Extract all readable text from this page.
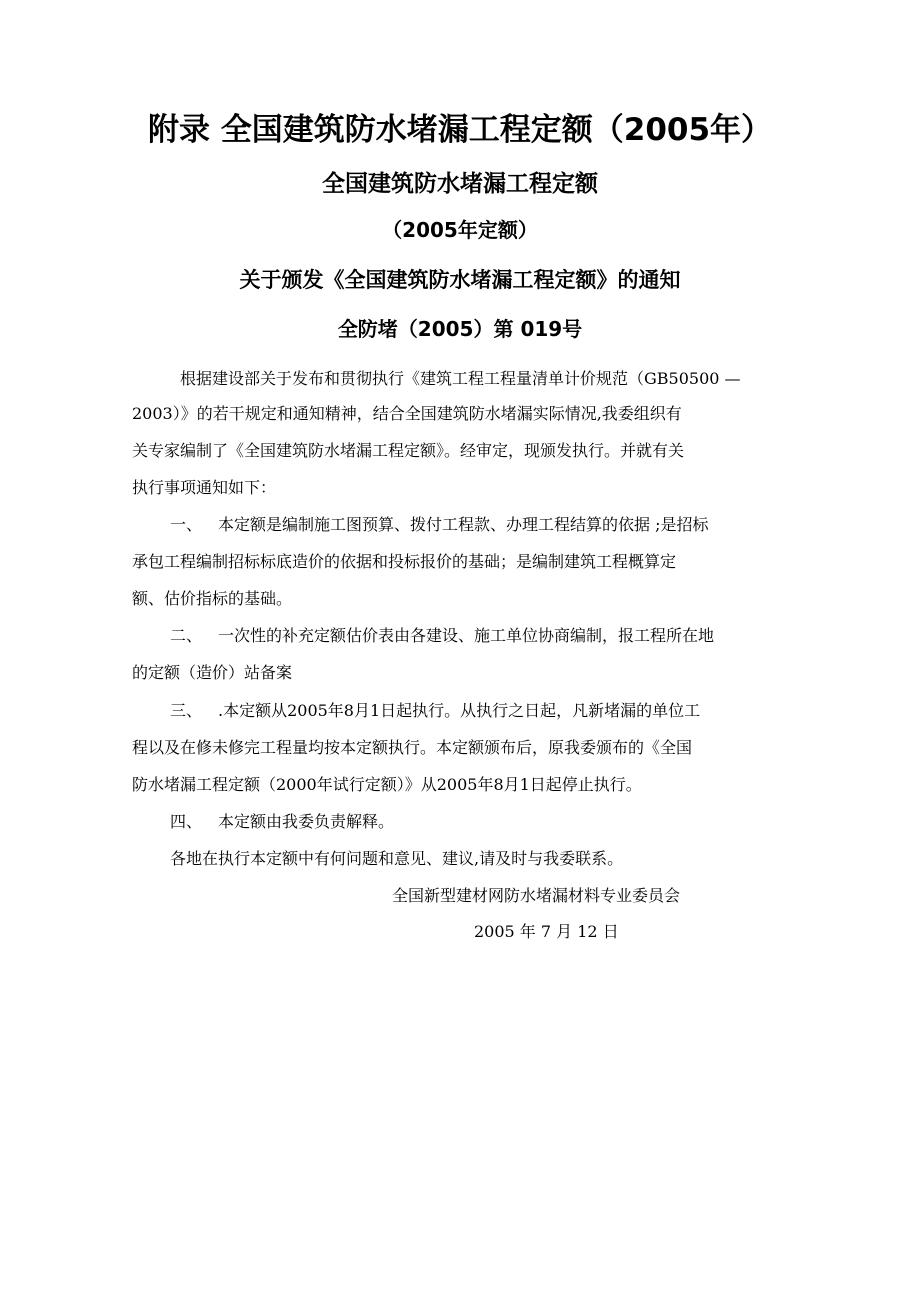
附录 全国建筑防水堵漏工程定额（2005年）
全国建筑防水堵漏工程定额
（2005年定额）
关于颁发《全国建筑防水堵漏工程定额》的通知
全防堵（2005）第 019号
根据建设部关于发布和贯彻执行《建筑工程工程量清单计价规范（GB50500 —
2003）》的若干规定和通知精神，结合全国建筑防水堵漏实际情况,我委组织有
关专家编制了《全国建筑防水堵漏工程定额》。经审定，现颁发执行。并就有关
执行事项通知如下：
一、 本定额是编制施工图预算、拨付工程款、办理工程结算的依据 ;是招标
承包工程编制招标标底造价的依据和投标报价的基础；是编制建筑工程概算定
额、估价指标的基础。
二、 一次性的补充定额估价表由各建设、施工单位协商编制，报工程所在地
的定额（造价）站备案
三、 .本定额从2005年8月1日起执行。从执行之日起，凡新堵漏的单位工
程以及在修未修完工程量均按本定额执行。本定额颁布后，原我委颁布的《全国
防水堵漏工程定额（2000年试行定额）》从2005年8月1日起停止执行。
四、 本定额由我委负责解释。
各地在执行本定额中有何问题和意见、建议,请及时与我委联系。
全国新型建材网防水堵漏材料专业委员会
2005 年 7 月 12 日
